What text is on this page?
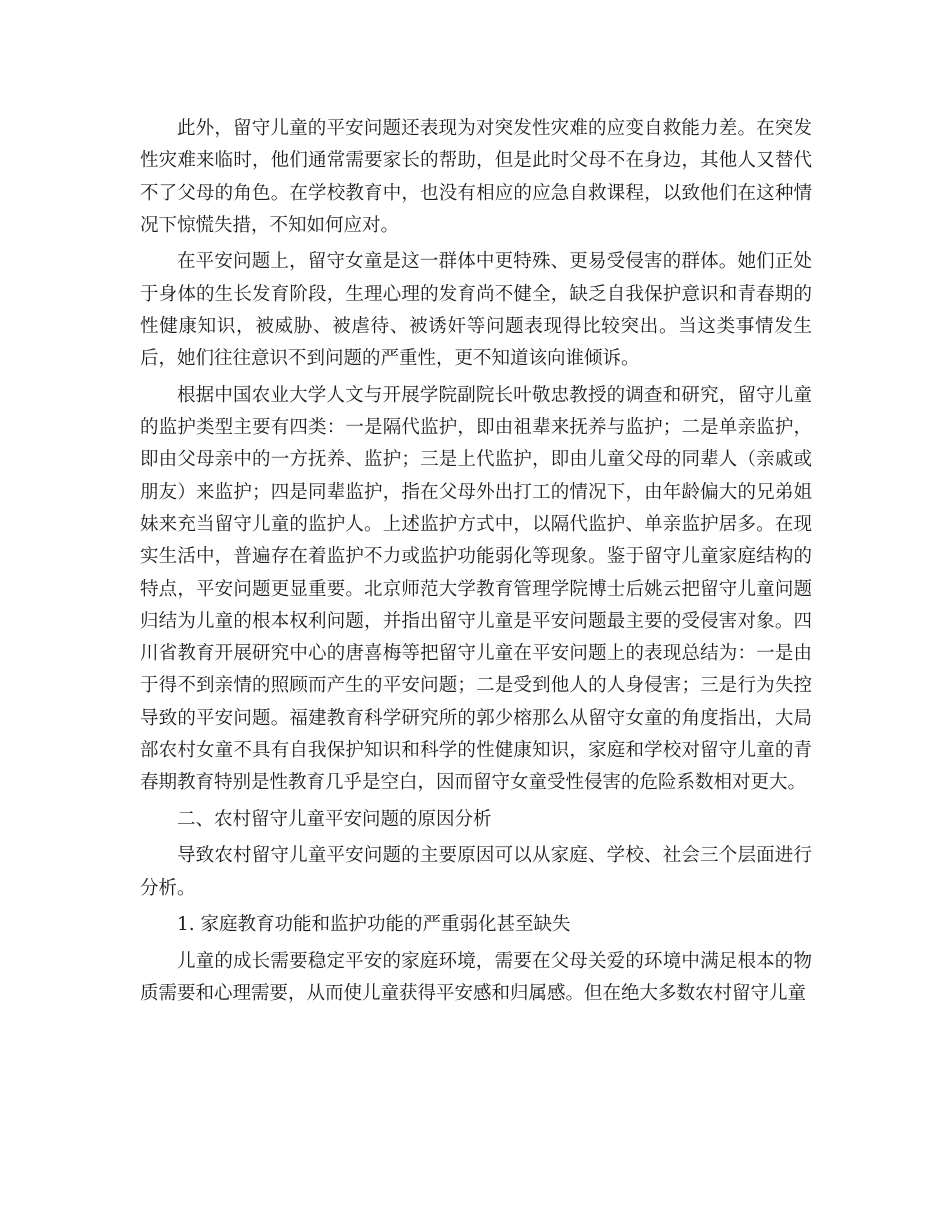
此外，留守儿童的平安问题还表现为对突发性灾难的应变自救能力差。在突发性灾难来临时，他们通常需要家长的帮助，但是此时父母不在身边，其他人又替代不了父母的角色。在学校教育中，也没有相应的应急自救课程，以致他们在这种情况下惊慌失措，不知如何应对。

在平安问题上，留守女童是这一群体中更特殊、更易受侵害的群体。她们正处于身体的生长发育阶段，生理心理的发育尚不健全，缺乏自我保护意识和青春期的性健康知识，被威胁、被虐待、被诱奸等问题表现得比较突出。当这类事情发生后，她们往往意识不到问题的严重性，更不知道该向谁倾诉。

根据中国农业大学人文与开展学院副院长叶敬忠教授的调查和研究，留守儿童的监护类型主要有四类：一是隔代监护，即由祖辈来抚养与监护；二是单亲监护，即由父母亲中的一方抚养、监护；三是上代监护，即由儿童父母的同辈人（亲戚或朋友）来监护；四是同辈监护，指在父母外出打工的情况下，由年龄偏大的兄弟姐妹来充当留守儿童的监护人。上述监护方式中，以隔代监护、单亲监护居多。在现实生活中，普遍存在着监护不力或监护功能弱化等现象。鉴于留守儿童家庭结构的特点，平安问题更显重要。北京师范大学教育管理学院博士后姚云把留守儿童问题归结为儿童的根本权利问题，并指出留守儿童是平安问题最主要的受侵害对象。四川省教育开展研究中心的唐喜梅等把留守儿童在平安问题上的表现总结为：一是由于得不到亲情的照顾而产生的平安问题；二是受到他人的人身侵害；三是行为失控导致的平安问题。福建教育科学研究所的郭少榕那么从留守女童的角度指出，大局部农村女童不具有自我保护知识和科学的性健康知识，家庭和学校对留守儿童的青春期教育特别是性教育几乎是空白，因而留守女童受性侵害的危险系数相对更大。

二、农村留守儿童平安问题的原因分析

导致农村留守儿童平安问题的主要原因可以从家庭、学校、社会三个层面进行分析。

1. 家庭教育功能和监护功能的严重弱化甚至缺失

儿童的成长需要稳定平安的家庭环境，需要在父母关爱的环境中满足根本的物质需要和心理需要，从而使儿童获得平安感和归属感。但在绝大多数农村留守儿童
